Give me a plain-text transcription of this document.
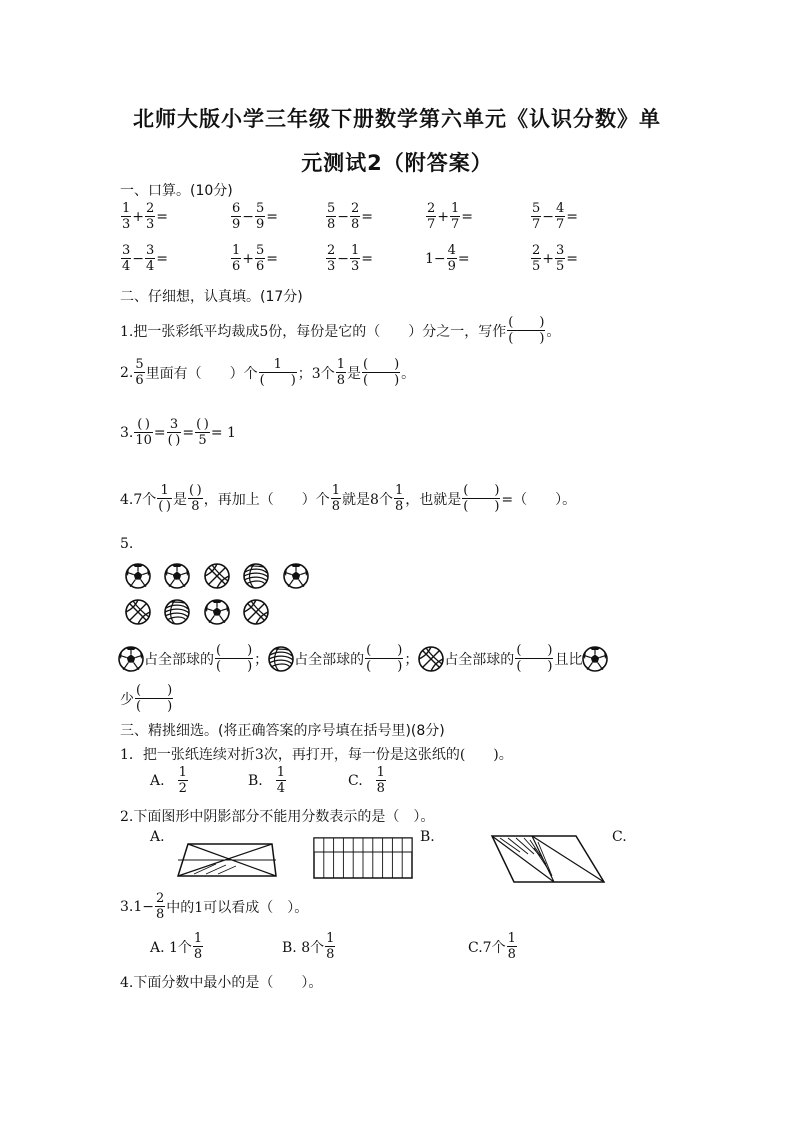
北师大版小学三年级下册数学第六单元《认识分数》单
元测试2（附答案）
一、口算。(10分)
$\frac{1}{3} + \frac{2}{3}$ =	$\frac{6}{9} - \frac{5}{9}$ =	$\frac{5}{8} - \frac{2}{8}$ =	$\frac{2}{7} + \frac{1}{7}$ =	$\frac{5}{7} - \frac{4}{7}$ =
$\frac{3}{4} - \frac{3}{4}$ =	$\frac{1}{6} + \frac{5}{6}$ =	$\frac{2}{3} - \frac{1}{3}$ =	$1- \frac{4}{9}$ =	$\frac{2}{5} + \frac{3}{5}$ =
二、仔细想，认真填。(17分)
1.把一张彩纸平均裁成5份，每份是它的（　　）分之一，写作 $\frac{( )}{( )}$ 。
2. $\frac{5}{6}$ 里面有（　　）个 $\frac{1}{( )}$ ；3个 $\frac{1}{8}$ 是 $\frac{( )}{( )}$ 。
3. $\frac{( )}{10} = \frac{3}{( )} = \frac{( )}{5} = 1$
4.7个 $\frac{1}{( )}$ 是 $\frac{( )}{8}$ ，再加上（　　）个 $\frac{1}{8}$ 就是8个 $\frac{1}{8}$ ，也就是 $\frac{( )}{( )}$ =（　　）。
5.
占全部球的 $\frac{( )}{( )}$ ； 占全部球的 $\frac{( )}{( )}$ ； 占全部球的 $\frac{( )}{( )}$ 且比
少 $\frac{( )}{( )}$
三、精挑细选。(将正确答案的序号填在括号里)(8分)
1．把一张纸连续对折3次，再打开，每一份是这张纸的(　　)。
A. $\frac{1}{2}$	B. $\frac{1}{4}$	C. $\frac{1}{8}$
2.下面图形中阴影部分不能用分数表示的是（　）。
A.	B.	C.
$3.1- \frac{2}{8}$ 中的1可以看成（　）。
A. 1个 $\frac{1}{8}$	B. 8个 $\frac{1}{8}$	C.7个 $\frac{1}{8}$
4.下面分数中最小的是（　　）。
